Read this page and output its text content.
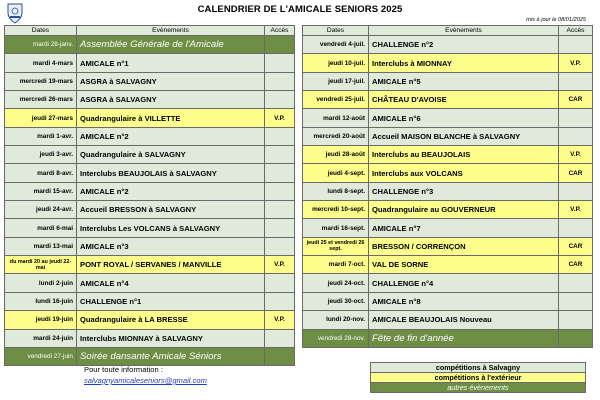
CALENDRIER DE L'AMICALE SENIORS 2025
mis à jour le 08/01/2025
Dates	Evènements	Accès
mardi 28-janv.	Assemblée Générale de l'Amicale	
mardi 4-mars	AMICALE n°1	
mercredi 19-mars	ASGRA à SALVAGNY	
mercredi 26-mars	ASGRA à SALVAGNY	
jeudi 27-mars	Quadrangulaire à VILLETTE	V.P.
mardi 1-avr.	AMICALE n°2	
jeudi 3-avr.	Quadrangulaire à SALVAGNY	
mardi 8-avr.	Interclubs BEAUJOLAIS à SALVAGNY	
mardi 15-avr.	AMICALE n°2	
jeudi 24-avr.	Accueil BRESSON à SALVAGNY	
mardi 6-mai	Interclubs Les VOLCANS à SALVAGNY	
mardi 13-mai	AMICALE n°3	
du mardi 20 au jeudi 22-mai	PONT ROYAL / SERVANES / MANVILLE	V.P.
lundi 2-juin	AMICALE n°4	
lundi 16-juin	CHALLENGE n°1	
jeudi 19-juin	Quadrangulaire à LA BRESSE	V.P.
mardi 24-juin	Interclubs MIONNAY à SALVAGNY	
vendredi 27-juin	Soirée dansante Amicale Séniors	
Dates	Evènements	Accès
vendredi 4-juil.	CHALLENGE n°2	
jeudi 10-juil.	Interclubs à MIONNAY	V.P.
jeudi 17-juil.	AMICALE n°5	
vendredi 25-juil.	CHÂTEAU D'AVOISE	CAR
mardi 12-août	AMICALE n°6	
mercredi 20-août	Accueil MAISON BLANCHE à SALVAGNY	
jeudi 28-août	Interclubs au BEAUJOLAIS	V.P.
jeudi 4-sept.	Interclubs aux VOLCANS	CAR
lundi 8-sept.	CHALLENGE n°3	
mercredi 10-sept.	Quadrangulaire au GOUVERNEUR	V.P.
mardi 16-sept.	AMICALE n°7	
jeudi 25 et vendredi 26 sept.	BRESSON / CORRENÇON	CAR
mardi 7-oct.	VAL DE SORNE	CAR
jeudi 24-oct.	CHALLENGE n°4	
jeudi 30-oct.	AMICALE n°8	
lundi 20-nov.	AMICALE BEAUJOLAIS Nouveau	
vendredi 28-nov.	Fête de fin d'année	
Pour toute information :
salvagnyamicaleseniors@gmail.com
compétitions à Salvagny
compétitions à l'extérieur
autres évènements
